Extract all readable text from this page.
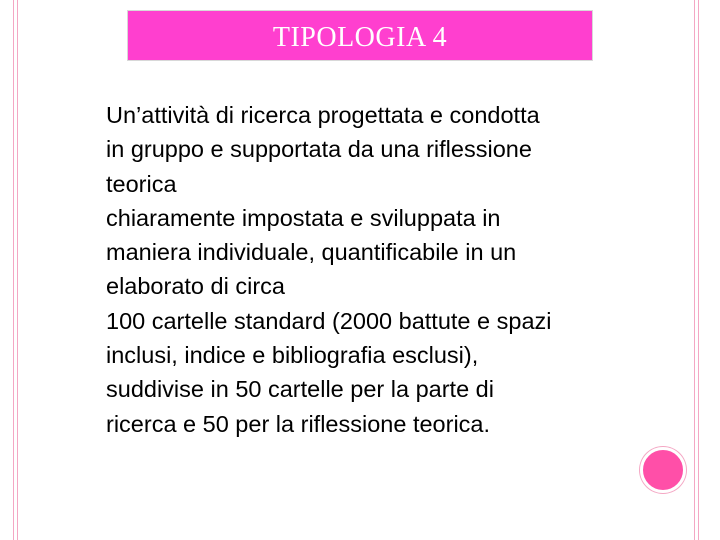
TIPOLOGIA 4

Un’attività di ricerca progettata e condotta
in gruppo e supportata da una riflessione
teorica
chiaramente impostata e sviluppata in
maniera individuale, quantificabile in un
elaborato di circa
100 cartelle standard (2000 battute e spazi
inclusi, indice e bibliografia esclusi),
suddivise in 50 cartelle per la parte di
ricerca e 50 per la riflessione teorica.
